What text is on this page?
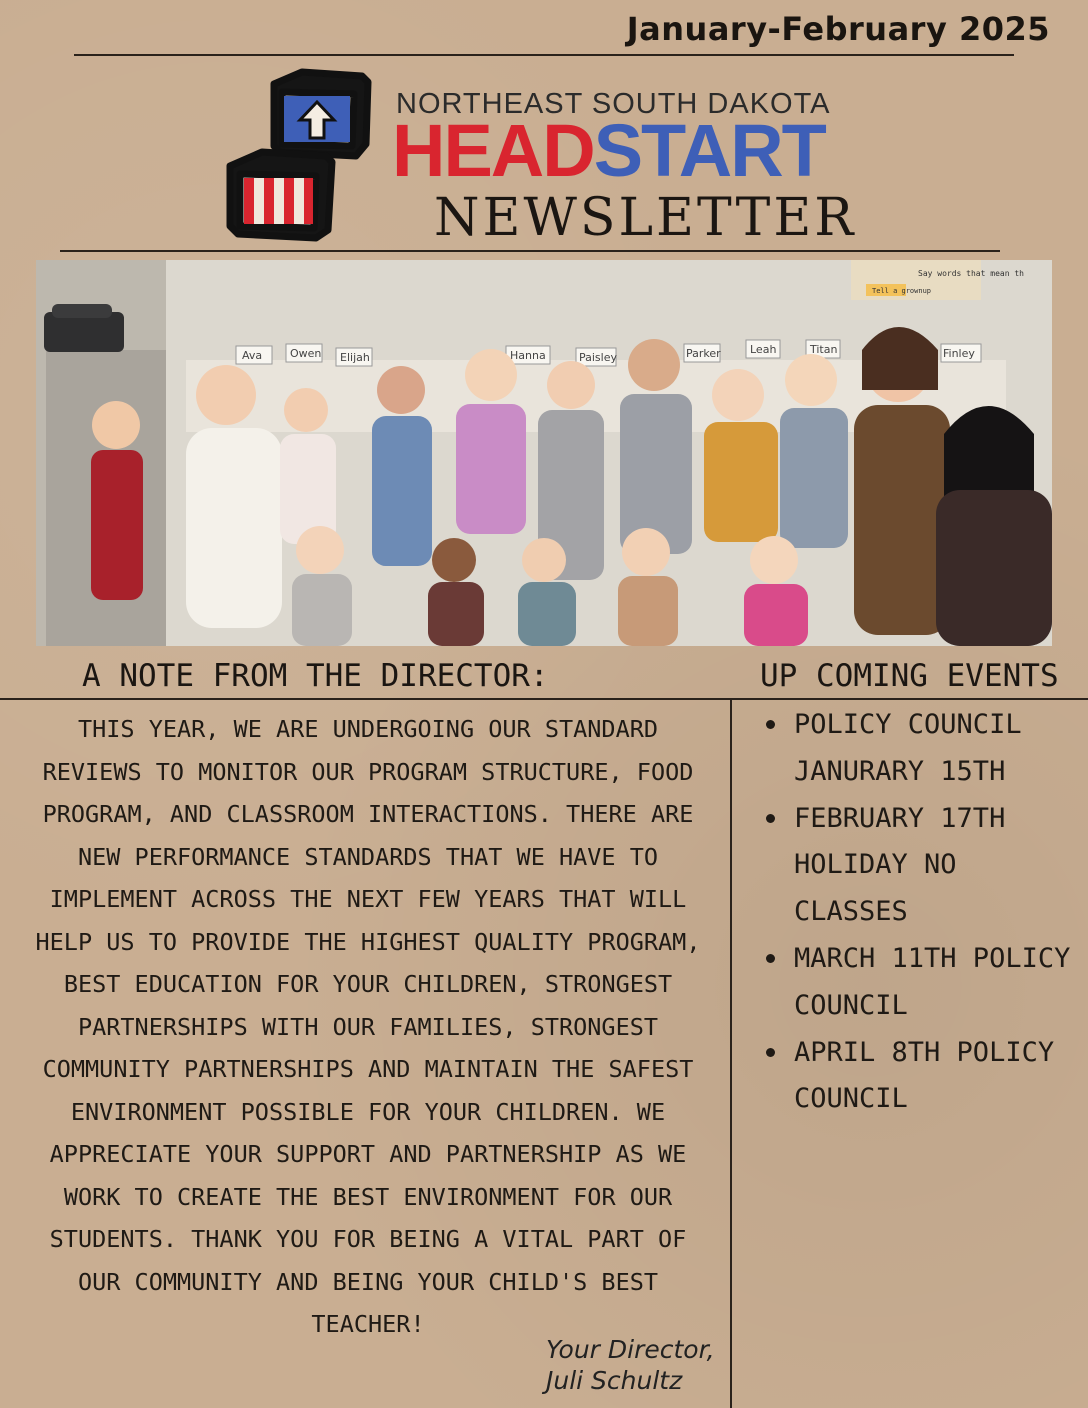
January-February 2025
NORTHEAST SOUTH DAKOTA
HEADSTART
NEWSLETTER
Say words that mean th
Tell a grownup
Owen Elijah
Ava	Hanna	Paisley	Parker	Leah	Titan	Finley
A NOTE FROM THE DIRECTOR:	UP COMING EVENTS
THIS YEAR, WE ARE UNDERGOING OUR STANDARD REVIEWS TO MONITOR OUR PROGRAM STRUCTURE, FOOD PROGRAM, AND CLASSROOM INTERACTIONS. THERE ARE NEW PERFORMANCE STANDARDS THAT WE HAVE TO IMPLEMENT ACROSS THE NEXT FEW YEARS THAT WILL HELP US TO PROVIDE THE HIGHEST QUALITY PROGRAM, BEST EDUCATION FOR YOUR CHILDREN, STRONGEST PARTNERSHIPS WITH OUR FAMILIES, STRONGEST COMMUNITY PARTNERSHIPS AND MAINTAIN THE SAFEST ENVIRONMENT POSSIBLE FOR YOUR CHILDREN. WE APPRECIATE YOUR SUPPORT AND PARTNERSHIP AS WE WORK TO CREATE THE BEST ENVIRONMENT FOR OUR STUDENTS. THANK YOU FOR BEING A VITAL PART OF OUR COMMUNITY AND BEING YOUR CHILD'S BEST TEACHER!
Your Director,
Juli Schultz
POLICY COUNCIL JANURARY 15TH
FEBRUARY 17TH HOLIDAY NO CLASSES
MARCH 11TH POLICY COUNCIL
APRIL 8TH POLICY COUNCIL
